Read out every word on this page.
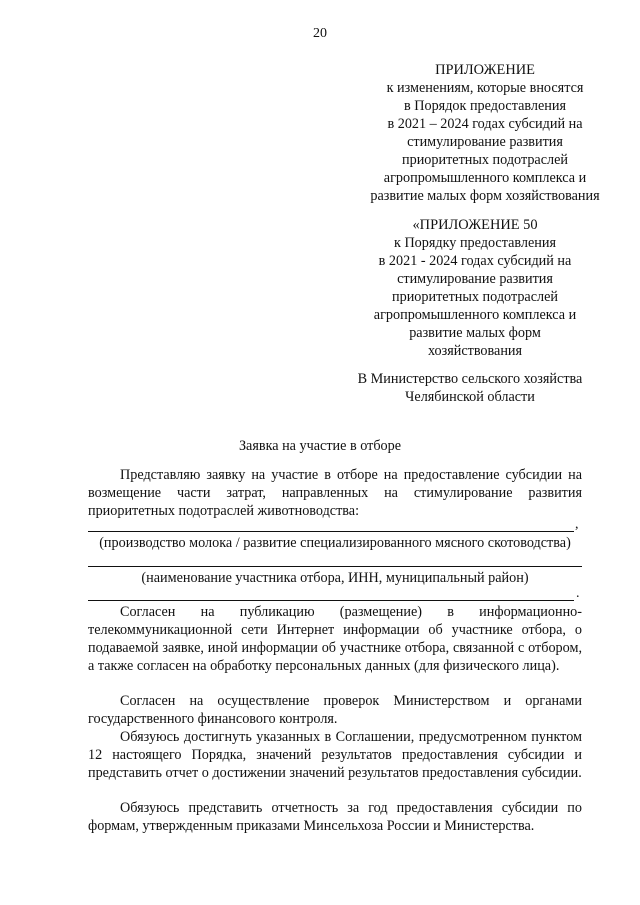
20
ПРИЛОЖЕНИЕ
к изменениям, которые вносятся
в Порядок предоставления
в 2021 – 2024 годах субсидий на
стимулирование развития
приоритетных подотраслей
агропромышленного комплекса и
развитие малых форм хозяйствования
«ПРИЛОЖЕНИЕ 50
к Порядку предоставления
в 2021 - 2024 годах субсидий на
стимулирование развития
приоритетных подотраслей
агропромышленного комплекса и
развитие малых форм
хозяйствования
В Министерство сельского хозяйства
Челябинской области
Заявка на участие в отборе
Представляю заявку на участие в отборе на предоставление субсидии на возмещение части затрат, направленных на стимулирование развития приоритетных подотраслей животноводства:
,
(производство молока / развитие специализированного мясного скотоводства)
(наименование участника отбора, ИНН, муниципальный район)
.
Согласен на публикацию (размещение) в информационно-телекоммуникационной сети Интернет информации об участнике отбора, о подаваемой заявке, иной информации об участнике отбора, связанной с отбором, а также согласен на обработку персональных данных (для физического лица).
Согласен на осуществление проверок Министерством и органами государственного финансового контроля.
Обязуюсь достигнуть указанных в Соглашении, предусмотренном пунктом 12 настоящего Порядка, значений результатов предоставления субсидии и представить отчет о достижении значений результатов предоставления субсидии.
Обязуюсь представить отчетность за год предоставления субсидии по формам, утвержденным приказами Минсельхоза России и Министерства.
